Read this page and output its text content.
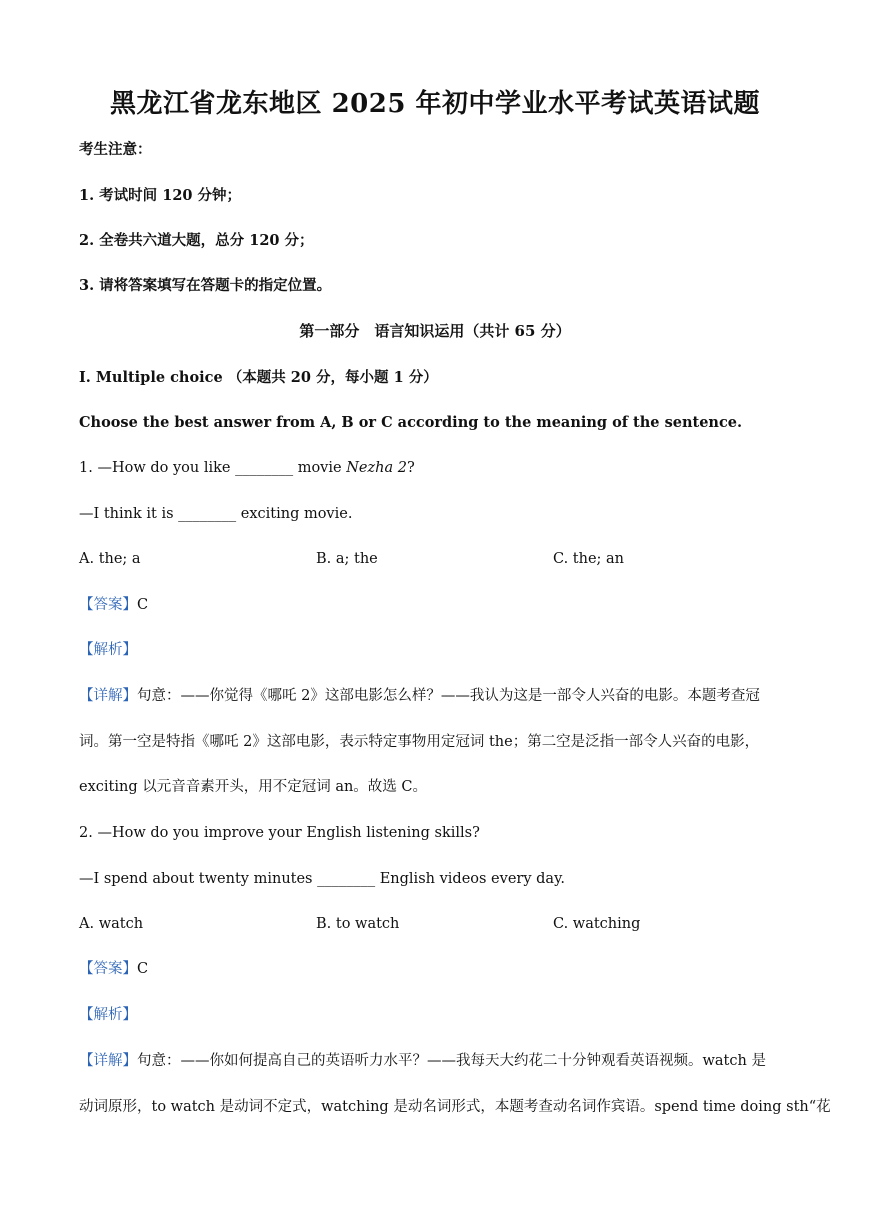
黑龙江省龙东地区 2025 年初中学业水平考试英语试题
考生注意：
1. 考试时间 120 分钟；
2. 全卷共六道大题，总分 120 分；
3. 请将答案填写在答题卡的指定位置。
第一部分　语言知识运用（共计 65 分）
I. Multiple choice （本题共 20 分，每小题 1 分）
Choose the best answer from A, B or C according to the meaning of the sentence.
1. —How do you like ________ movie Nezha 2?
—I think it is ________ exciting movie.
A. the; a	B. a; the	C. the; an
【答案】C
【解析】
【详解】句意：——你觉得《哪吒 2》这部电影怎么样？——我认为这是一部令人兴奋的电影。本题考查冠
词。第一空是特指《哪吒 2》这部电影，表示特定事物用定冠词 the；第二空是泛指一部令人兴奋的电影，
exciting 以元音音素开头，用不定冠词 an。故选 C。
2. —How do you improve your English listening skills?
—I spend about twenty minutes ________ English videos every day.
A. watch	B. to watch	C. watching
【答案】C
【解析】
【详解】句意：——你如何提高自己的英语听力水平？——我每天大约花二十分钟观看英语视频。watch 是
动词原形，to watch 是动词不定式，watching 是动名词形式，本题考查动名词作宾语。spend time doing sth“花
